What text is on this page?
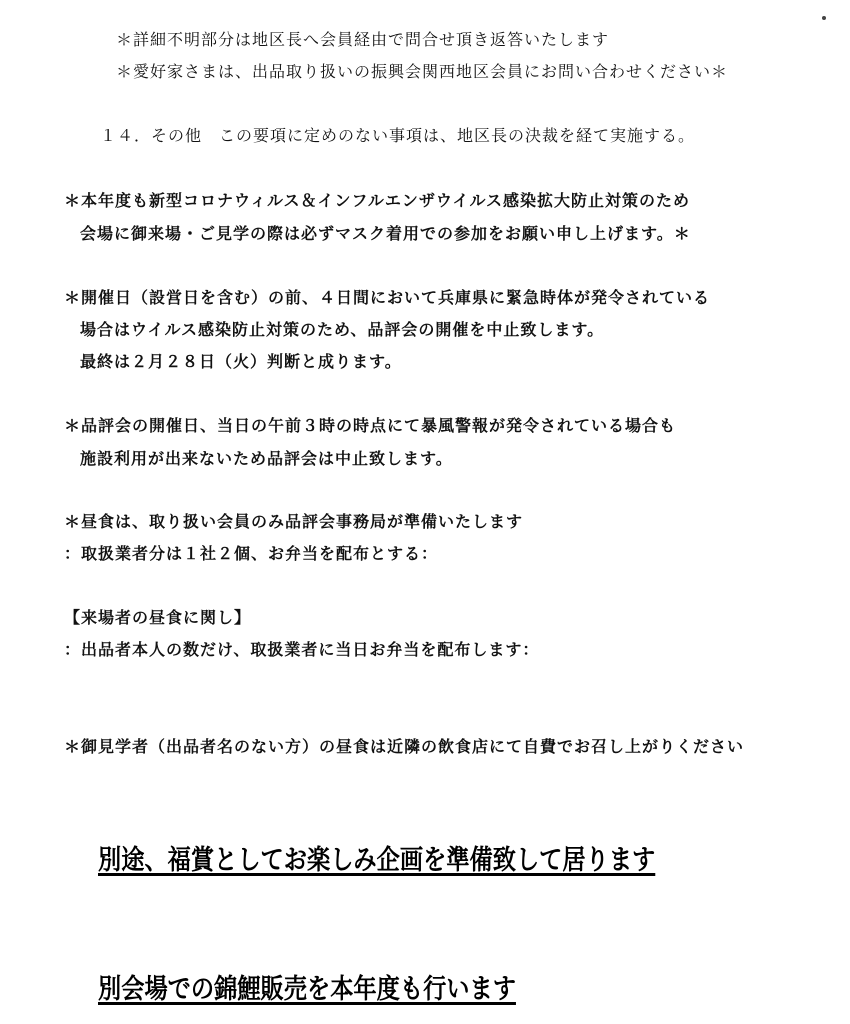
＊詳細不明部分は地区長へ会員経由で問合せ頂き返答いたします
＊愛好家さまは、出品取り扱いの振興会関西地区会員にお問い合わせください＊
１４．その他　この要項に定めのない事項は、地区長の決裁を経て実施する。
＊本年度も新型コロナウィルス＆インフルエンザウイルス感染拡大防止対策のため
会場に御来場・ご見学の際は必ずマスク着用での参加をお願い申し上げます。＊
＊開催日（設営日を含む）の前、４日間において兵庫県に緊急時体が発令されている
場合はウイルス感染防止対策のため、品評会の開催を中止致します。
最終は２月２８日（火）判断と成ります。
＊品評会の開催日、当日の午前３時の時点にて暴風警報が発令されている場合も
施設利用が出来ないため品評会は中止致します。
＊昼食は、取り扱い会員のみ品評会事務局が準備いたします
：取扱業者分は１社２個、お弁当を配布とする：
【来場者の昼食に関し】
：出品者本人の数だけ、取扱業者に当日お弁当を配布します：
＊御見学者（出品者名のない方）の昼食は近隣の飲食店にて自費でお召し上がりください
別途、福賞としてお楽しみ企画を準備致して居ります
別会場での錦鯉販売を本年度も行います
